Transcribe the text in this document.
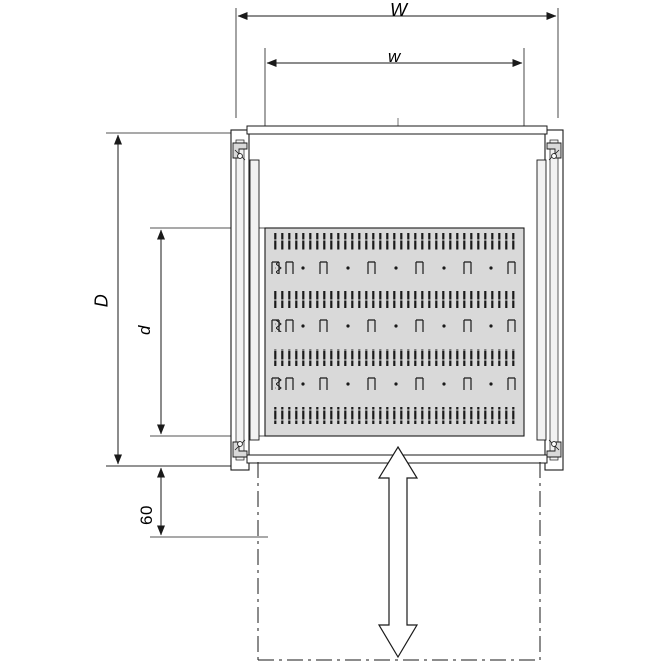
W
w
D
d
60
